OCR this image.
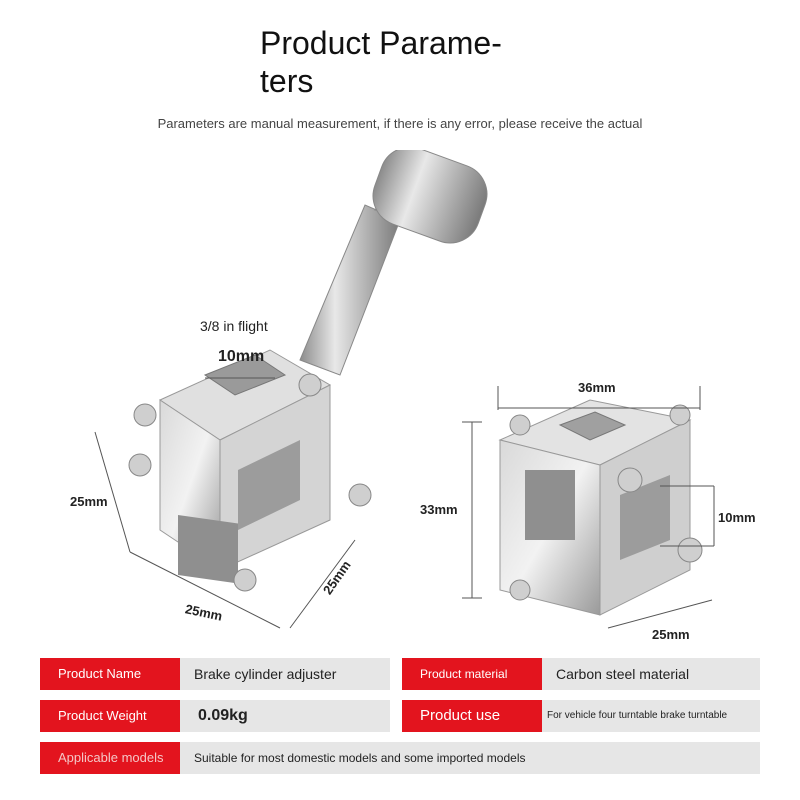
Product Parame-
ters
Parameters are manual measurement, if there is any error, please receive the actual
3/8 in flight
10mm
25mm
25mm
25mm
36mm
33mm
10mm
25mm
Product Name	Brake cylinder adjuster	Product material	Carbon steel material
Product Weight	0.09kg	Product use	For vehicle four turntable brake turntable
Applicable models	Suitable for most domestic models and some imported models
